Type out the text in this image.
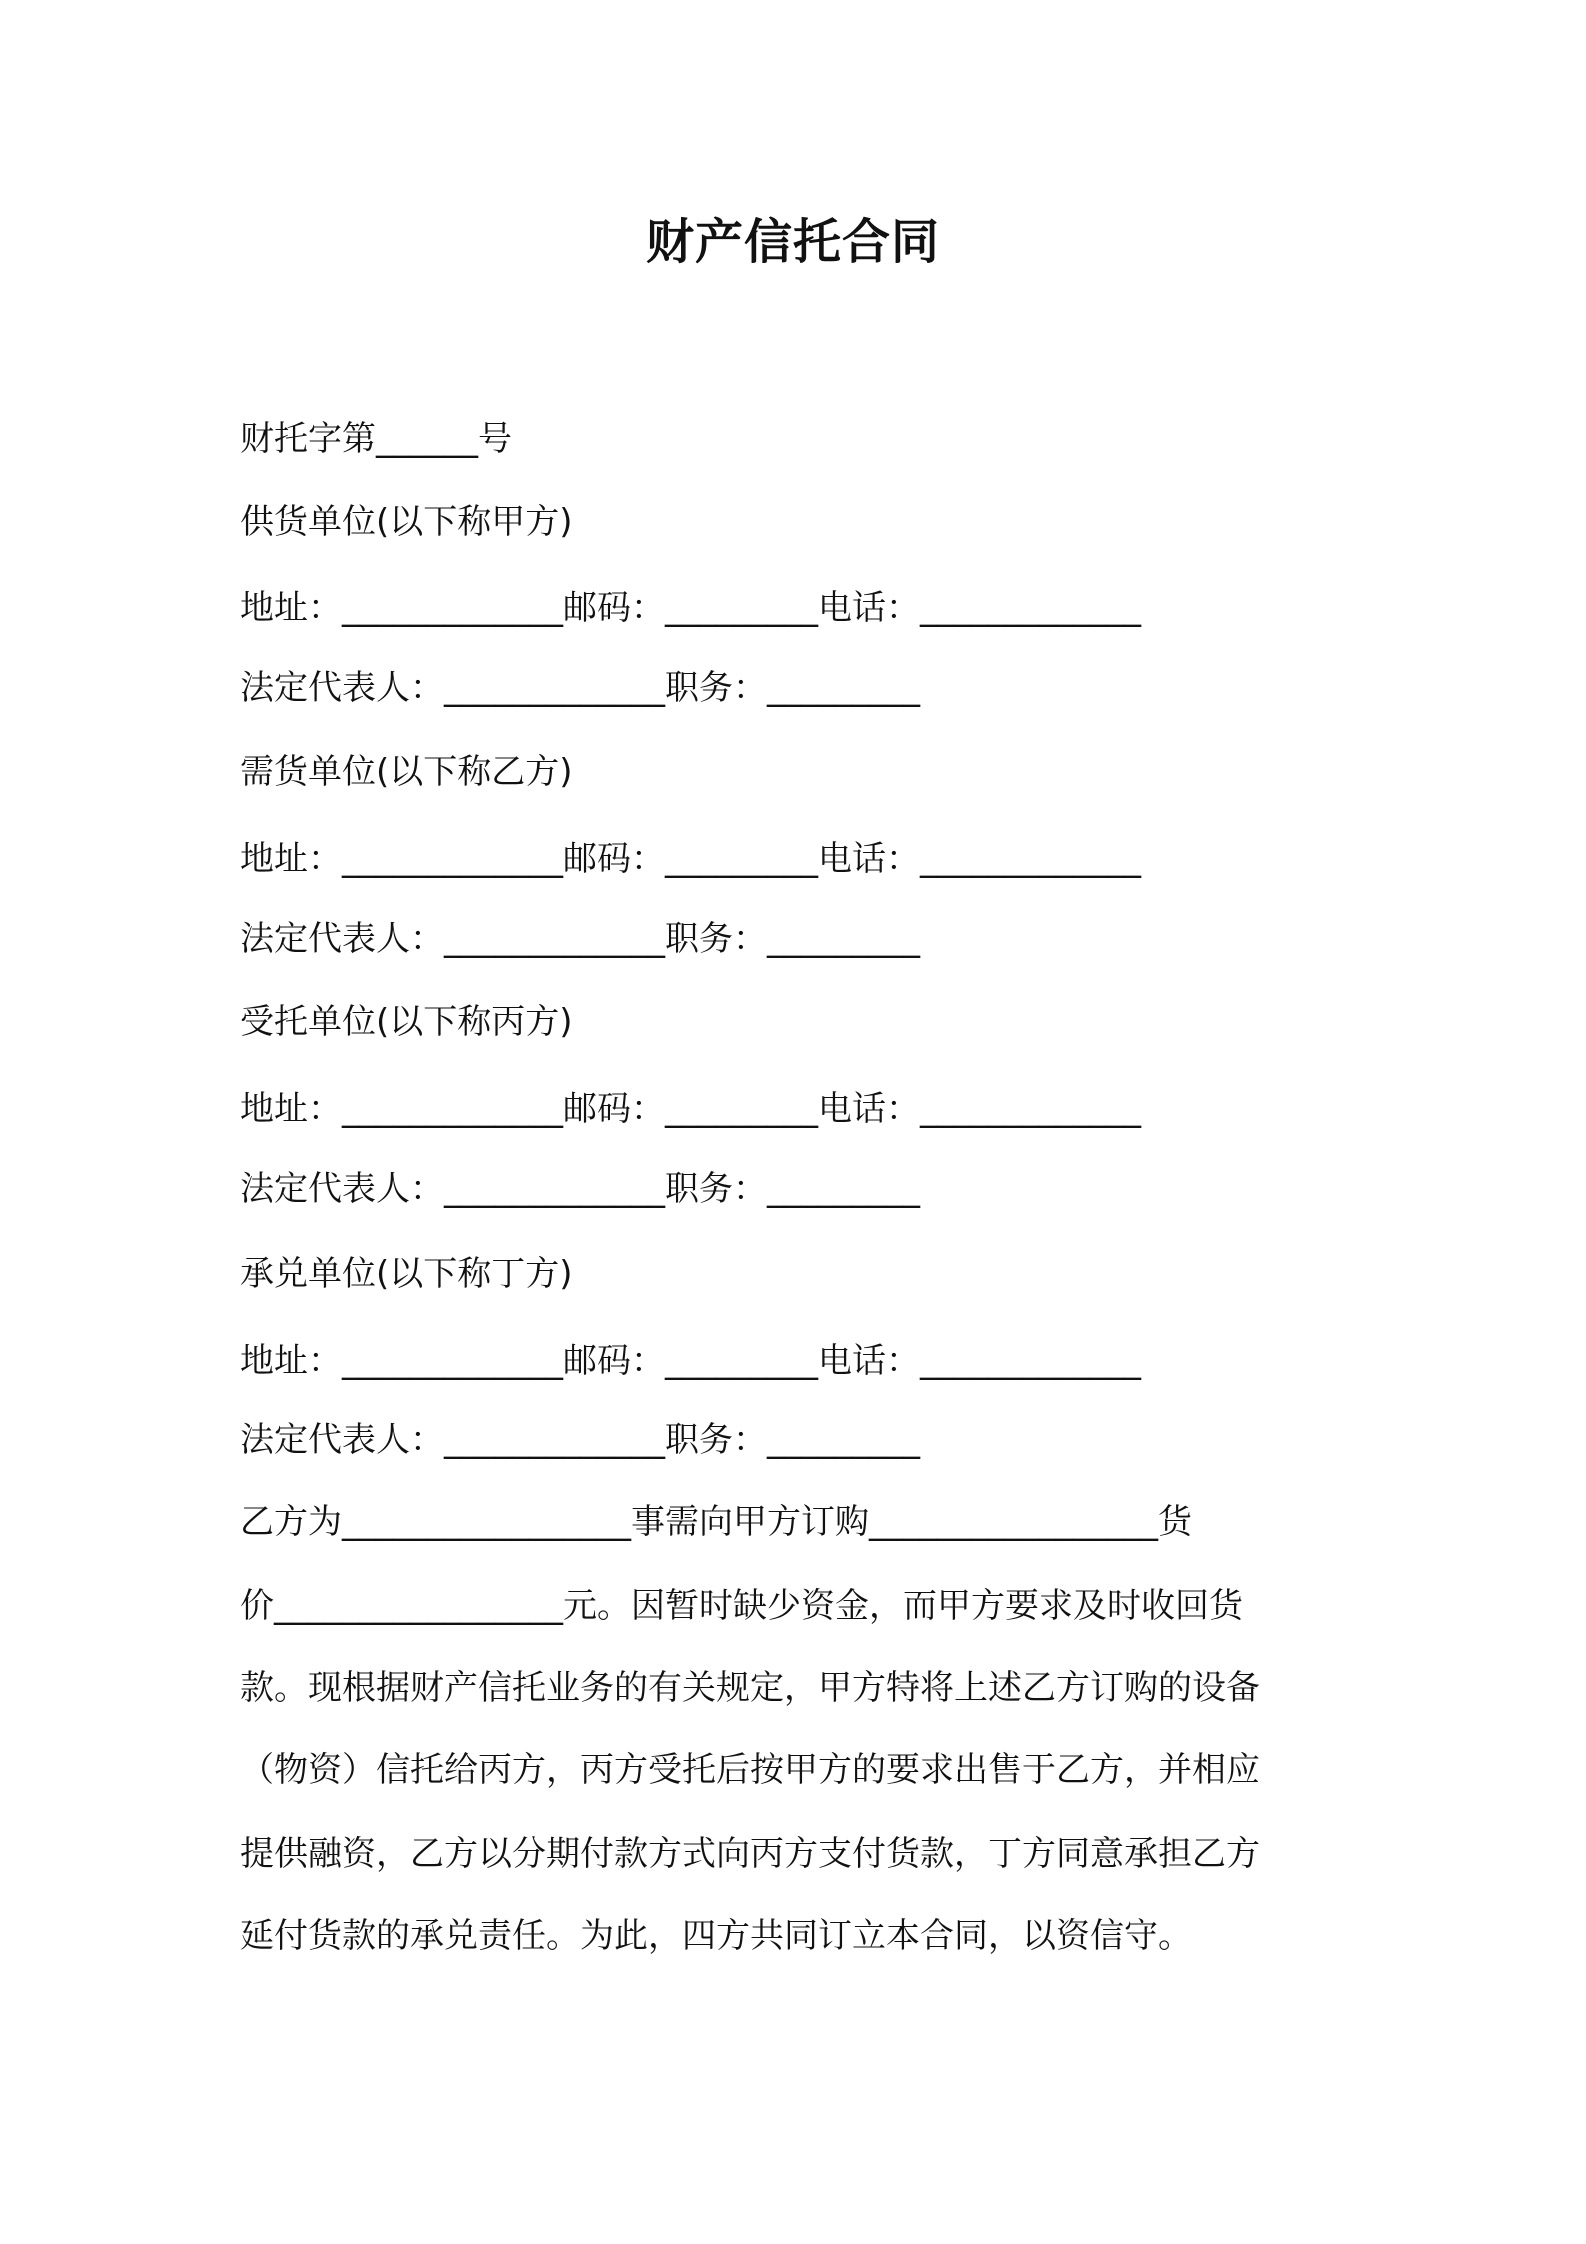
财产信托合同
财托字第______号
供货单位(以下称甲方)
地址：_____________邮码：_________电话：_____________
法定代表人：_____________职务：_________
需货单位(以下称乙方)
地址：_____________邮码：_________电话：_____________
法定代表人：_____________职务：_________
受托单位(以下称丙方)
地址：_____________邮码：_________电话：_____________
法定代表人：_____________职务：_________
承兑单位(以下称丁方)
地址：_____________邮码：_________电话：_____________
法定代表人：_____________职务：_________
乙方为_________________事需向甲方订购_________________货
价_________________元。因暂时缺少资金，而甲方要求及时收回货
款。现根据财产信托业务的有关规定，甲方特将上述乙方订购的设备
（物资）信托给丙方，丙方受托后按甲方的要求出售于乙方，并相应
提供融资，乙方以分期付款方式向丙方支付货款，丁方同意承担乙方
延付货款的承兑责任。为此，四方共同订立本合同，以资信守。
